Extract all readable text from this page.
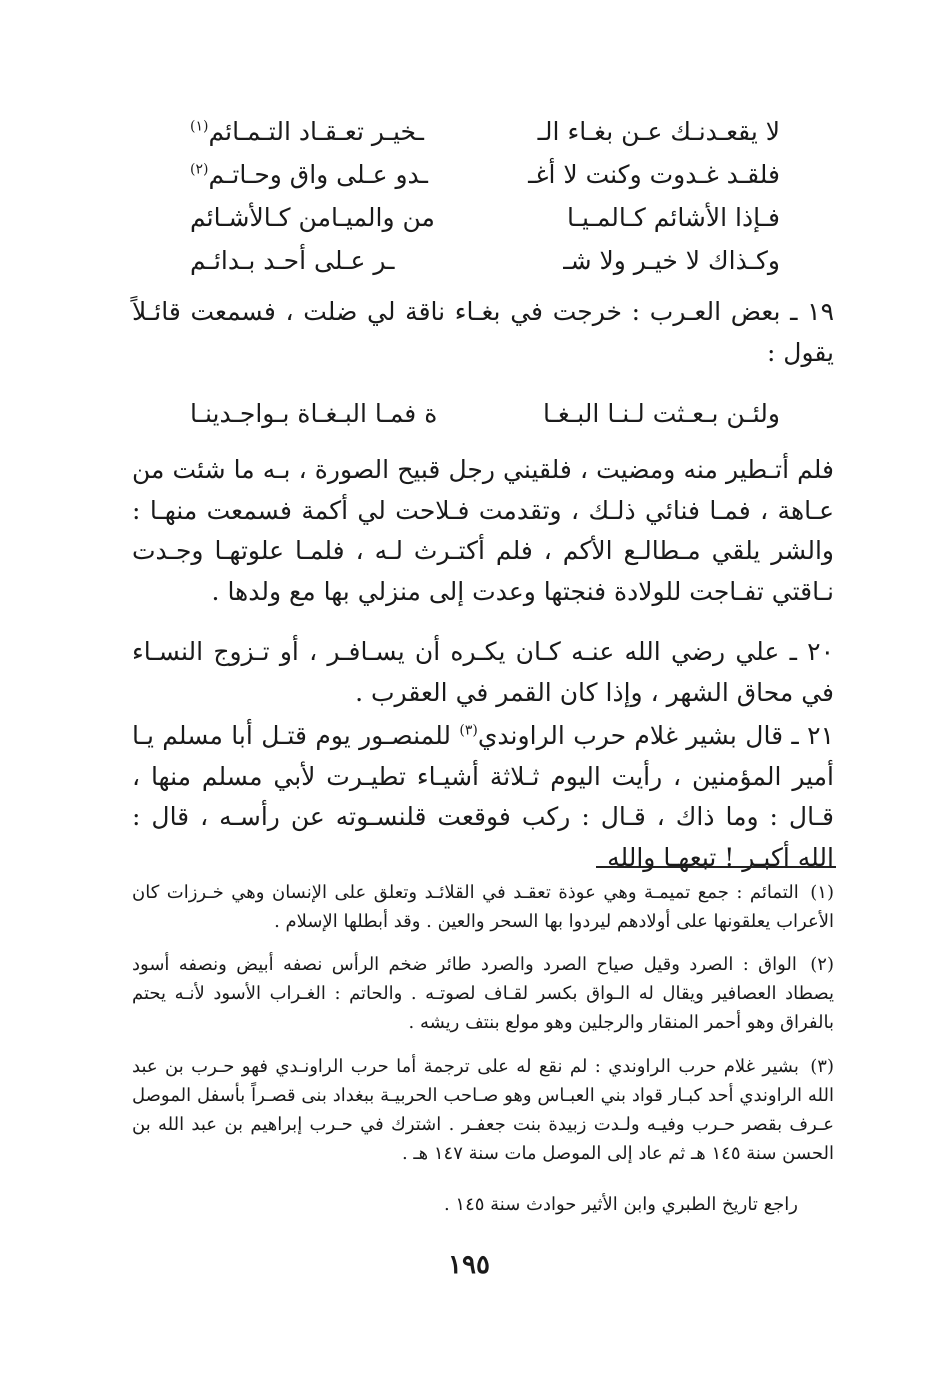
لا يقعـدنـك عـن بغـاء الـ
ـخيـر تعـقـاد التـمـائم$^{(١)}$
فلقـد غـدوت وكنت لا أغـ
ـدو عـلى واق وحـاتـم$^{(٢)}$
فـإذا الأشائم كـالمـيـا
من والميـامن كـالأشـائم
وكـذاك لا خيـر ولا شـ
ـر عـلى أحـد بـدائـم
١٩ ـ بعض العـرب : خرجت في بغـاء ناقة لي ضلت ، فسمعت قائـلاً يقول :
ولئـن بـعـثت لـنـا البـغـا
ة فمـا البـغـاة بـواجـدينـا
فلم أتـطير منه ومضيت ، فلقيني رجل قبيح الصورة ، بـه ما شئت من عـاهة ، فمـا فنائي ذلـك ، وتقدمت فـلاحت لي أكمة فسمعت منهـا : والشر يلقي مـطالـع الأكم ، فلم أكتـرث لـه ، فلمـا علوتهـا وجـدت نـاقتي تفـاجت للولادة فنجتها وعدت إلى منزلي بها مع ولدها .
٢٠ ـ علي رضي الله عنـه كـان يكـره أن يسـافـر ، أو تـزوج النسـاء في محاق الشهر ، وإذا كان القمر في العقرب .
٢١ ـ قال بشير غلام حرب الراوندي$^{(٣)}$ للمنصـور يوم قتـل أبا مسلم يـا أمير المؤمنين ، رأيت اليوم ثـلاثة أشيـاء تطيـرت لأبي مسلم منها ، قـال : وما ذاك ، قـال : ركب فوقعت قلنسـوته عن رأسـه ، قال : الله أكبـر ! تبعهـا والله
(١) التمائم : جمع تميمـة وهي عوذة تعقـد في القلائـد وتعلق على الإنسان وهي خـرزات كان الأعراب يعلقونها على أولادهم ليردوا بها السحر والعين . وقد أبطلها الإسلام .
(٢) الواق : الصرد وقيل صياح الصرد والصرد طائر ضخم الرأس نصفه أبيض ونصفه أسود يصطاد العصافير ويقال له الـواق بكسر لقـاف لصوتـه . والحاتم : الغـراب الأسود لأنـه يحتم بالفراق وهو أحمر المنقار والرجلين وهو مولع بنتف ريشه .
(٣) بشير غلام حرب الراوندي : لم نقع له على ترجمة أما حرب الراونـدي فهو حـرب بن عبد الله الراوندي أحد كبـار قواد بني العبـاس وهو صـاحب الحربيـة ببغداد بنى قصـراً بأسفل الموصل عـرف بقصر حـرب وفيـه ولـدت زبيدة بنت جعفـر . اشترك في حـرب إبراهيم بن عبد الله بن الحسن سنة ١٤٥ هـ ثم عاد إلى الموصل مات سنة ١٤٧ هـ .
راجع تاريخ الطبري وابن الأثير حوادث سنة ١٤٥ .
١٩٥
